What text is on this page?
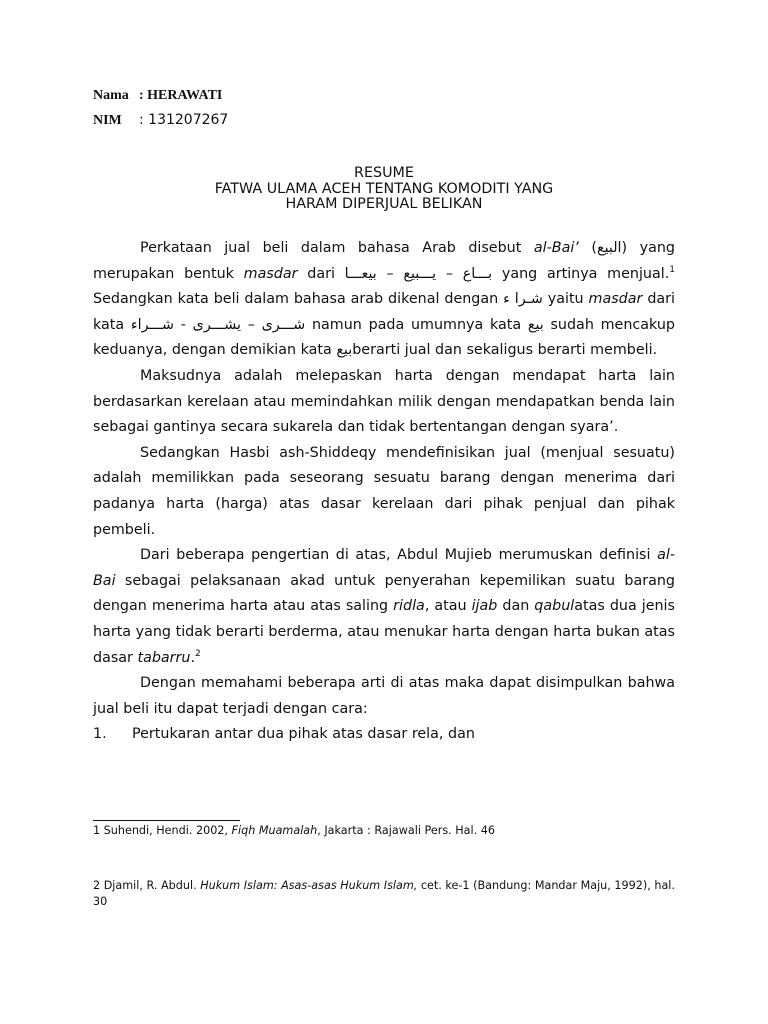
Nama : HERAWATI
NIM : 131207267
RESUME
FATWA ULAMA ACEH TENTANG KOMODITI YANG
HARAM DIPERJUAL BELIKAN

Perkataan jual beli dalam bahasa Arab disebut al-Bai’ (البيع) yang merupakan bentuk masdar dari بـــاع – يـــبيع – بيعـــا yang artinya menjual.$^1$ Sedangkan kata beli dalam bahasa arab dikenal dengan شـرا ء yaitu masdar dari kata شـــرى – يشـــرى - شـــراء namun pada umumnya kata بيع sudah mencakup keduanya, dengan demikian kata بيعberarti jual dan sekaligus berarti membeli.

Maksudnya adalah melepaskan harta dengan mendapat harta lain berdasarkan kerelaan atau memindahkan milik dengan mendapatkan benda lain sebagai gantinya secara sukarela dan tidak bertentangan dengan syara’.

Sedangkan Hasbi ash-Shiddeqy mendefinisikan jual (menjual sesuatu) adalah memilikkan pada seseorang sesuatu barang dengan menerima dari padanya harta (harga) atas dasar kerelaan dari pihak penjual dan pihak pembeli.

Dari beberapa pengertian di atas, Abdul Mujieb merumuskan definisi al-Bai sebagai pelaksanaan akad untuk penyerahan kepemilikan suatu barang dengan menerima harta atau atas saling ridla, atau ijab dan qabulatas dua jenis harta yang tidak berarti berderma, atau menukar harta dengan harta bukan atas dasar tabarru.$^2$

Dengan memahami beberapa arti di atas maka dapat disimpulkan bahwa jual beli itu dapat terjadi dengan cara:

1. Pertukaran antar dua pihak atas dasar rela, dan

1 Suhendi, Hendi. 2002, Fiqh Muamalah, Jakarta : Rajawali Pers. Hal. 46
2 Djamil, R. Abdul. Hukum Islam: Asas-asas Hukum Islam, cet. ke-1 (Bandung: Mandar Maju, 1992), hal. 30
